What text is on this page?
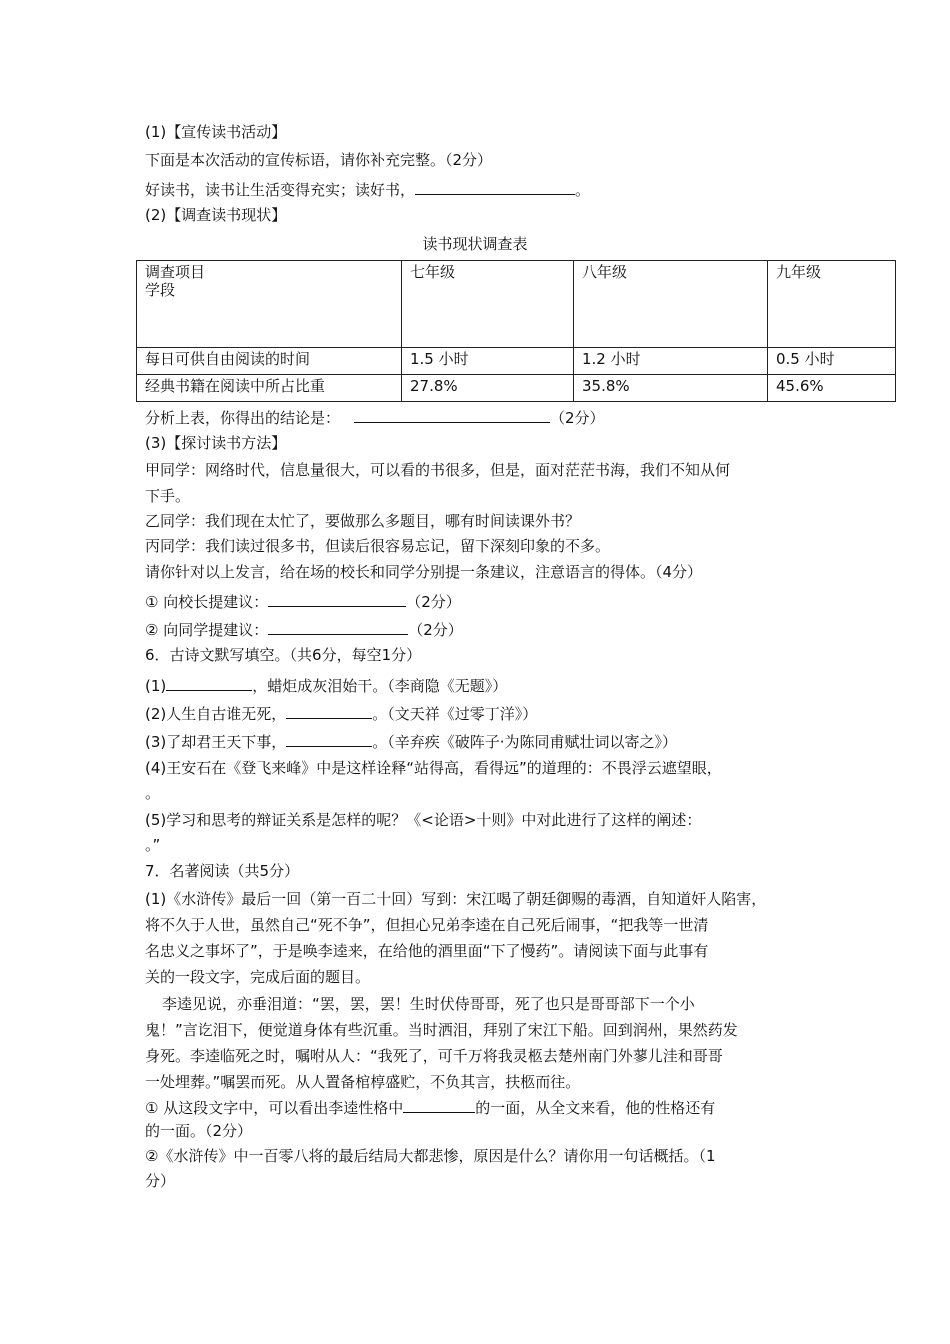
(1)【宣传读书活动】
下面是本次活动的宣传标语，请你补充完整。（2分）
好读书，读书让生活变得充实；读好书，	。
(2)【调查读书现状】
读书现状调查表
调查项目
学段	七年级	八年级	九年级
每日可供自由阅读的时间	1.5 小时	1.2 小时	0.5 小时
经典书籍在阅读中所占比重	27.8%	35.8%	45.6%
分析上表，你得出的结论是：	（2分）
(3)【探讨读书方法】
甲同学：网络时代，信息量很大，可以看的书很多，但是，面对茫茫书海，我们不知从何
下手。
乙同学：我们现在太忙了，要做那么多题目，哪有时间读课外书？
丙同学：我们读过很多书，但读后很容易忘记，留下深刻印象的不多。
请你针对以上发言，给在场的校长和同学分别提一条建议，注意语言的得体。（4分）
① 向校长提建议：	（2分）
② 向同学提建议：	（2分）
6．古诗文默写填空。（共6分，每空1分）
(1)	，蜡炬成灰泪始干。（李商隐《无题》）
(2)人生自古谁无死，	。（文天祥《过零丁洋》）
(3)了却君王天下事，	。（辛弃疾《破阵子·为陈同甫赋壮词以寄之》）
(4)王安石在《登飞来峰》中是这样诠释“站得高，看得远”的道理的：不畏浮云遮望眼，
。
(5)学习和思考的辩证关系是怎样的呢？《<论语>十则》中对此进行了这样的阐述：
。”
7．名著阅读（共5分）
(1)《水浒传》最后一回（第一百二十回）写到：宋江喝了朝廷御赐的毒酒，自知道奸人陷害，
将不久于人世，虽然自己“死不争”，但担心兄弟李逵在自己死后闹事，“把我等一世清
名忠义之事坏了”，于是唤李逵来，在给他的酒里面“下了慢药”。请阅读下面与此事有
关的一段文字，完成后面的题目。
李逵见说，亦垂泪道：“罢，罢，罢！生时伏侍哥哥，死了也只是哥哥部下一个小
鬼！”言讫泪下，便觉道身体有些沉重。当时洒泪，拜别了宋江下船。回到润州，果然药发
身死。李逵临死之时，嘱咐从人：“我死了，可千万将我灵柩去楚州南门外蓼儿洼和哥哥
一处埋葬。”嘱罢而死。从人置备棺椁盛贮，不负其言，扶柩而往。
① 从这段文字中，可以看出李逵性格中	的一面，从全文来看，他的性格还有
的一面。（2分）
②《水浒传》中一百零八将的最后结局大都悲惨，原因是什么？请你用一句话概括。（1
分）
